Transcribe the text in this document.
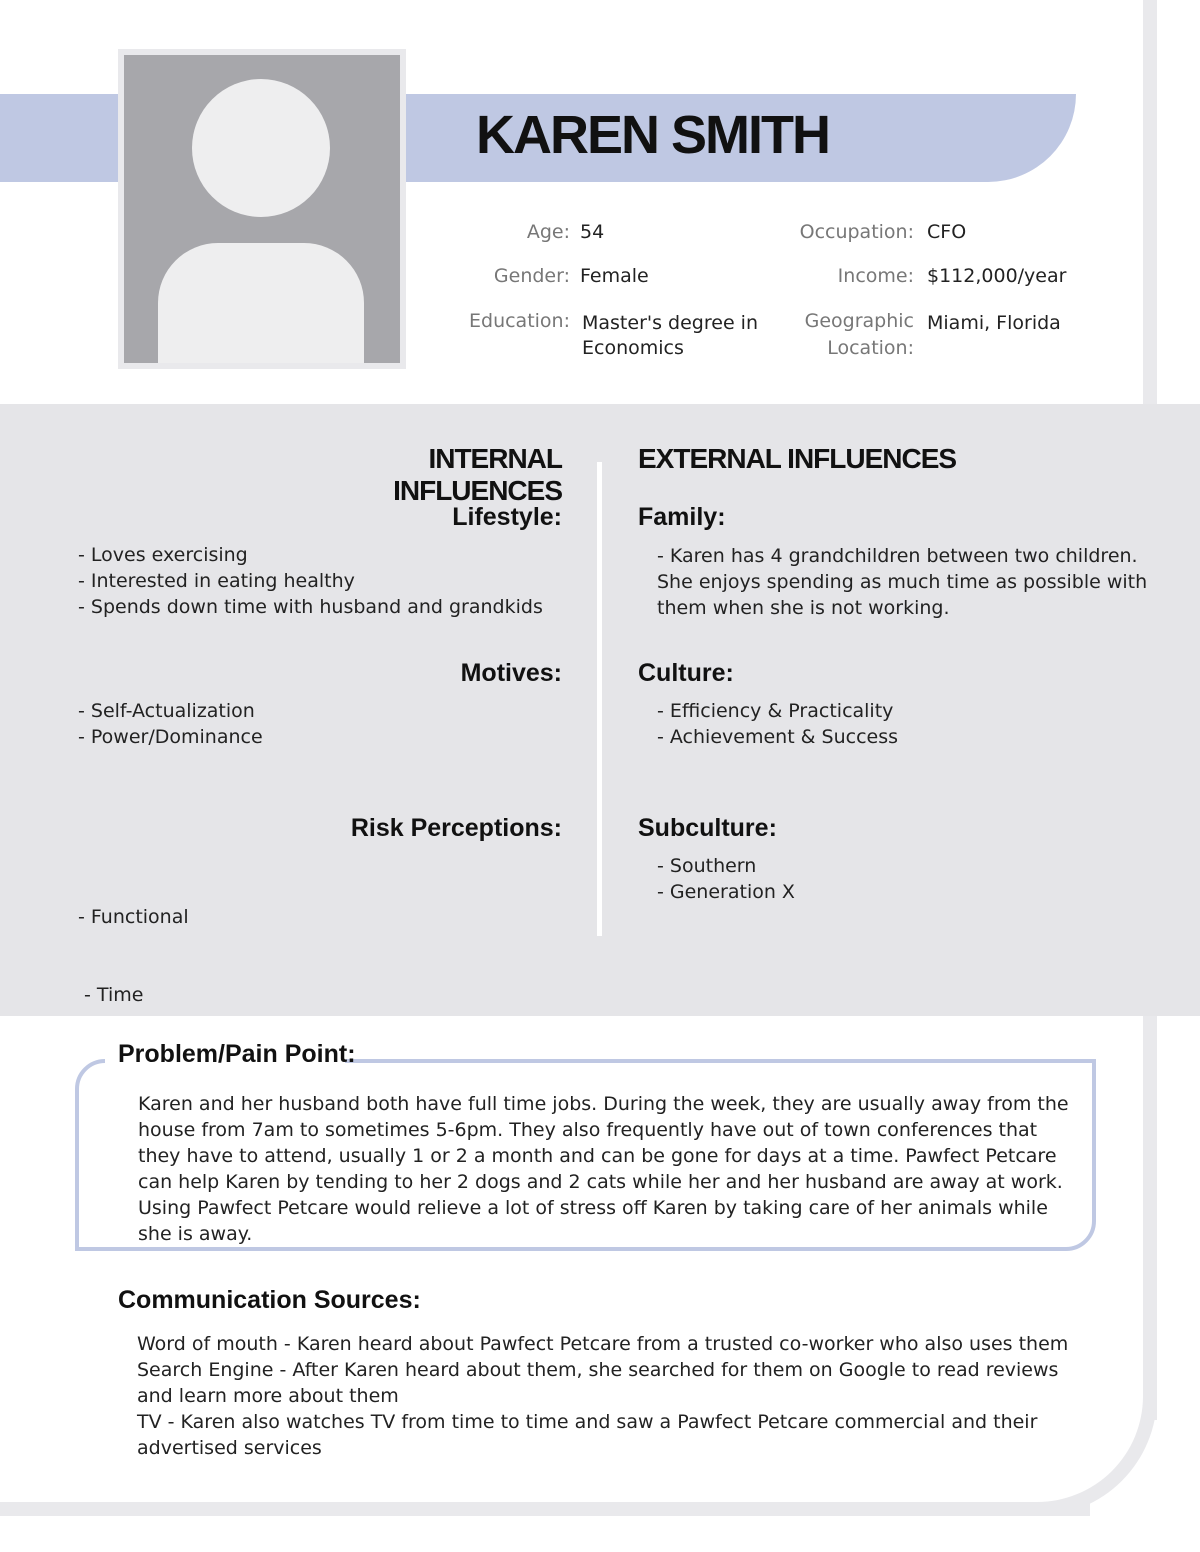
KAREN SMITH
Age: 54
Gender: Female
Education: Master's degree in
Economics
Occupation: CFO
Income: $112,000/year
Geographic
Location:
Miami, Florida
INTERNAL INFLUENCES
Lifestyle:
- Loves exercising
- Interested in eating healthy
- Spends down time with husband and grandkids
Motives:
- Self-Actualization
- Power/Dominance
Risk Perceptions:

- Functional

- Time

EXTERNAL INFLUENCES
Family:
- Karen has 4 grandchildren between two children.
She enjoys spending as much time as possible with
them when she is not working.
Culture:
- Efficiency & Practicality
- Achievement & Success
Subculture:
- Southern
- Generation X
Problem/Pain Point:

Karen and her husband both have full time jobs. During the week, they are usually away from the house from 7am to sometimes 5-6pm. They also frequently have out of town conferences that they have to attend, usually 1 or 2 a month and can be gone for days at a time. Pawfect Petcare can help Karen by tending to her 2 dogs and 2 cats while her and her husband are away at work. Using Pawfect Petcare would relieve a lot of stress off Karen by taking care of her animals while she is away.

Communication Sources:
Word of mouth - Karen heard about Pawfect Petcare from a trusted co-worker who also uses them
Search Engine - After Karen heard about them, she searched for them on Google to read reviews and learn more about them
TV - Karen also watches TV from time to time and saw a Pawfect Petcare commercial and their advertised services
